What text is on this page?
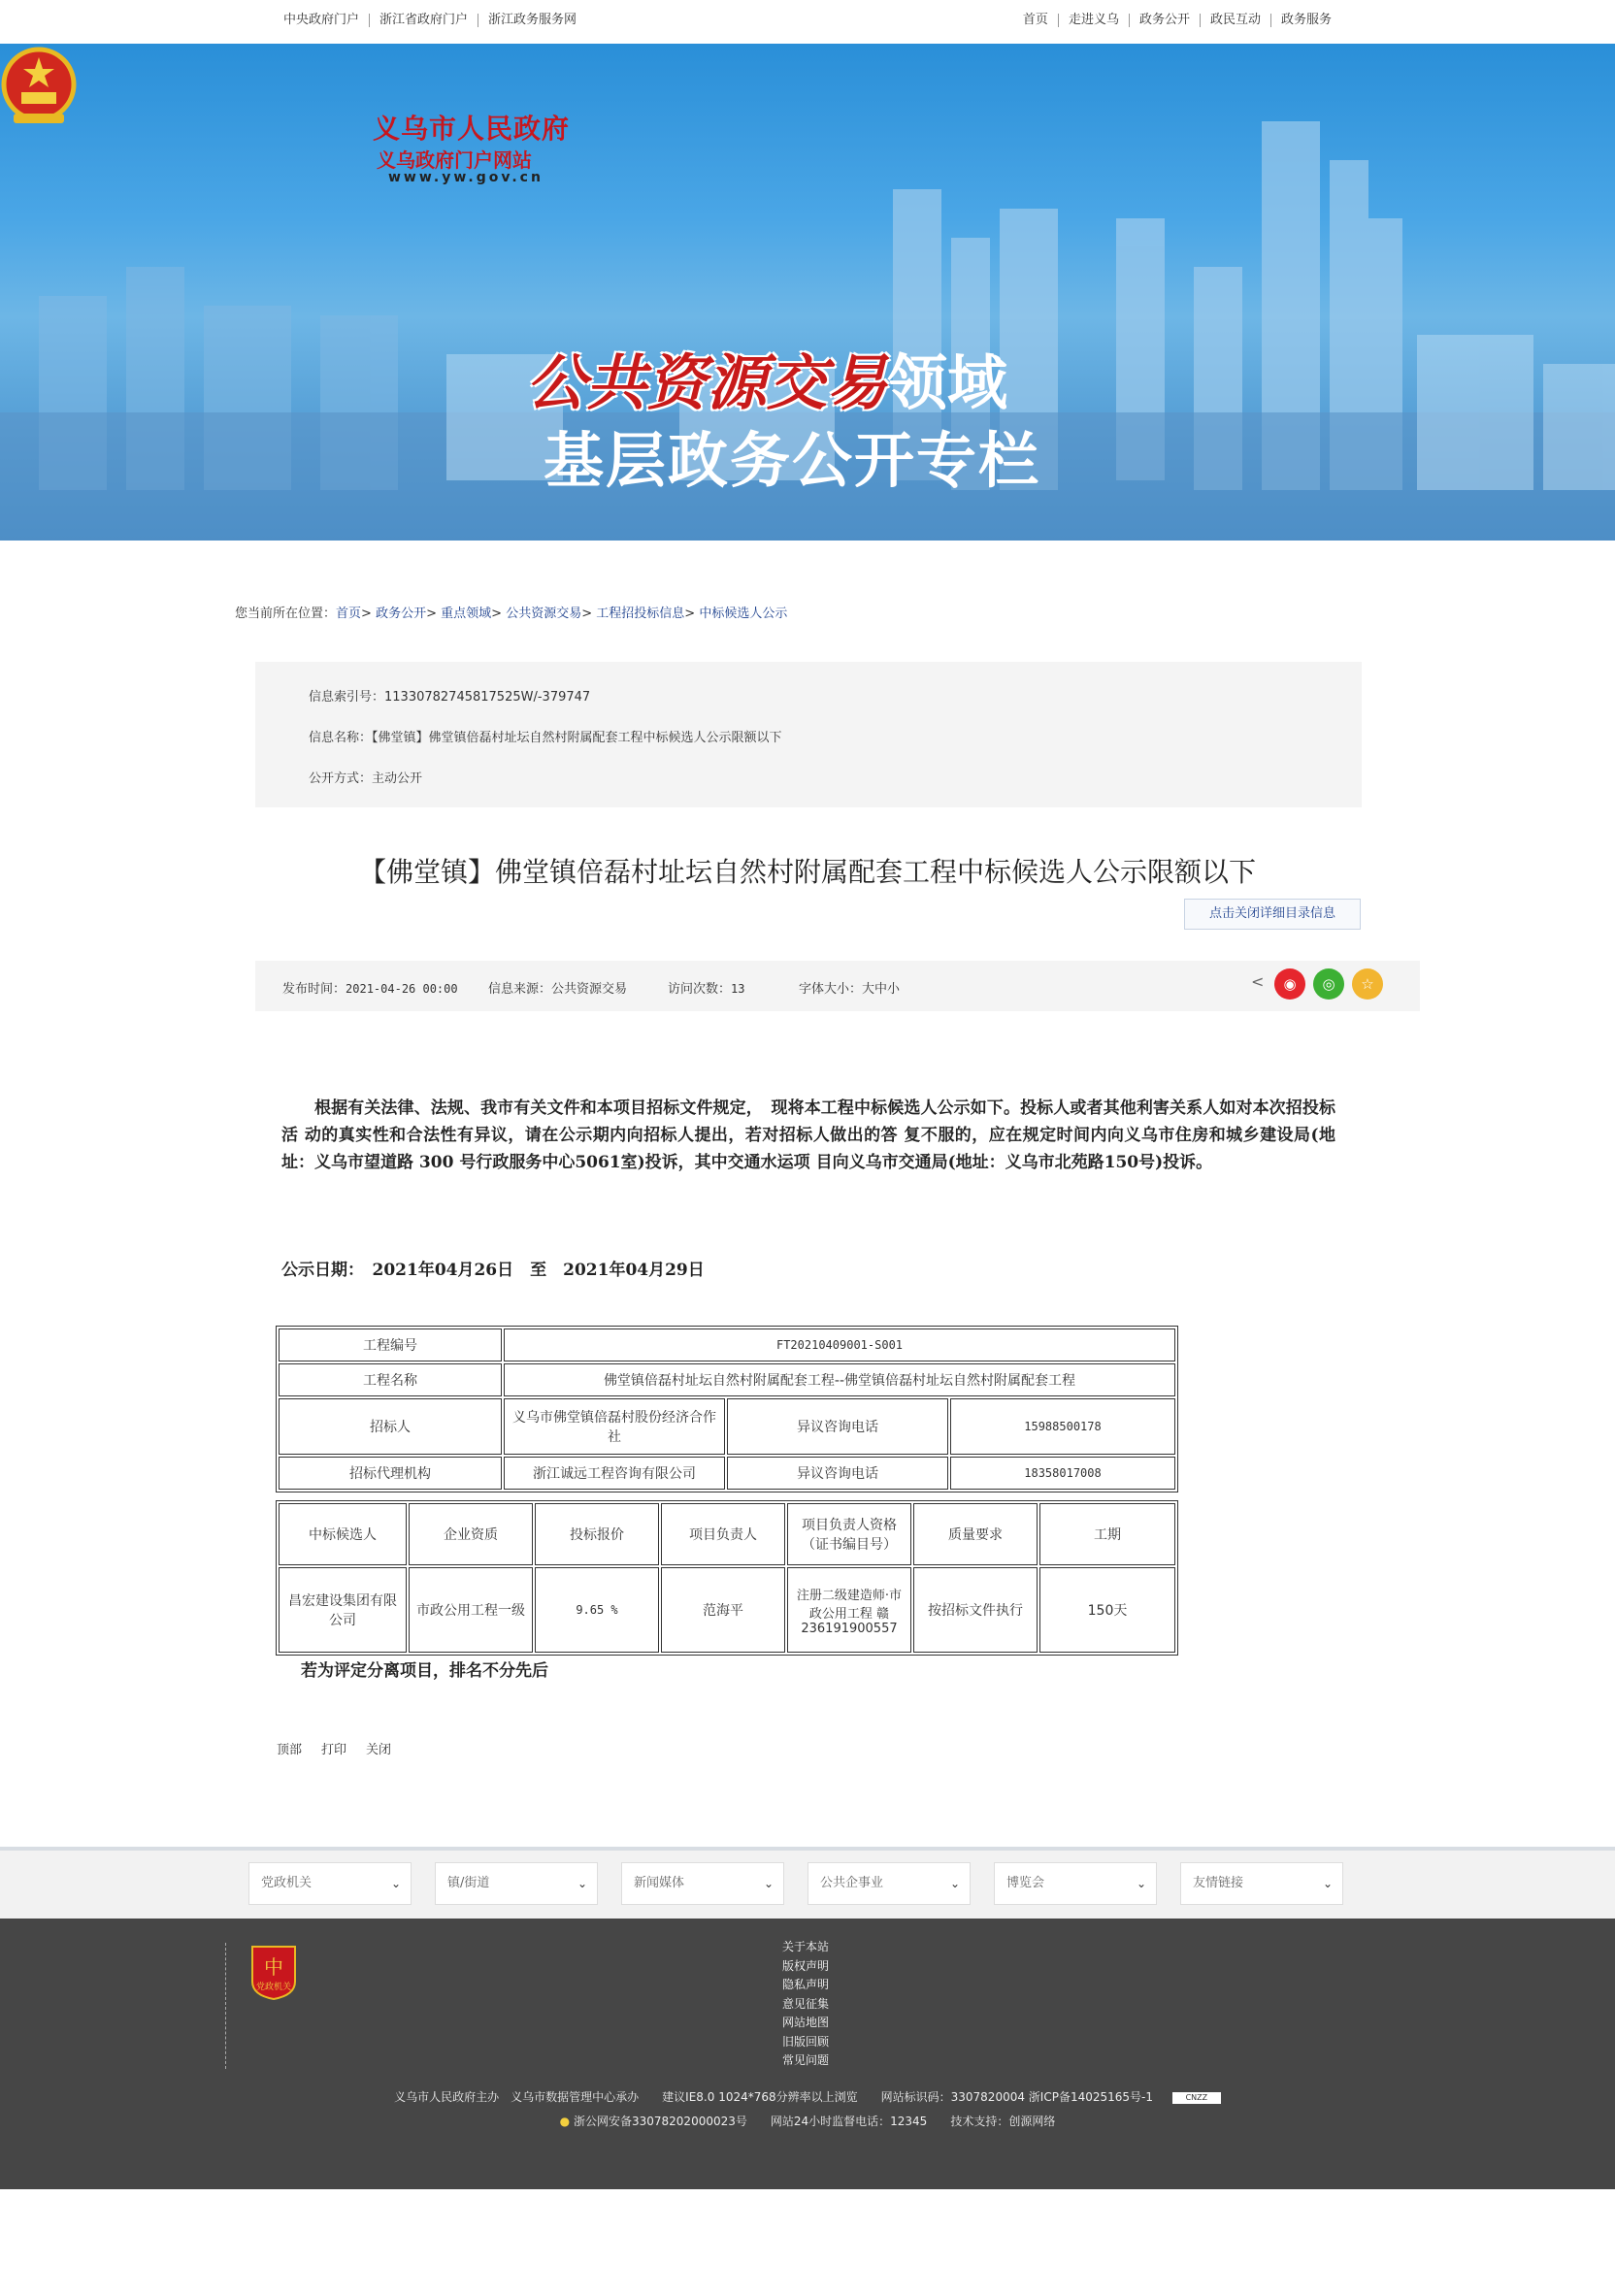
中央政府门户	浙江省政府门户	浙江政务服务网	首页	走进义乌	政务公开	政民互动	政务服务
义乌市人民政府
义乌政府门户网站
www.yw.gov.cn
公共资源交易领域
基层政务公开专栏
您当前所在位置：首页> 政务公开> 重点领域> 公共资源交易> 工程招投标信息> 中标候选人公示
信息索引号：11330782745817525W/-379747
信息名称：【佛堂镇】佛堂镇倍磊村址坛自然村附属配套工程中标候选人公示限额以下
公开方式：主动公开
【佛堂镇】佛堂镇倍磊村址坛自然村附属配套工程中标候选人公示限额以下
点击关闭详细目录信息
发布时间：2021-04-26 00:00 信息来源：公共资源交易	访问次数：13	字体大小：大中小	<	◉	◎	☆
根据有关法律、法规、我市有关文件和本项目招标文件规定，　现将本工程中标候选人公示如下。投标人或者其他利害关系人如对本次招投标活 动的真实性和合法性有异议，请在公示期内向招标人提出，若对招标人做出的答 复不服的，应在规定时间内向义乌市住房和城乡建设局(地址：义乌市望道路 300 号行政服务中心5061室)投诉，其中交通水运项 目向义乌市交通局(地址：义乌市北苑路150号)投诉。
公示日期：　2021年04月26日　至　2021年04月29日
工程编号	FT20210409001-S001		
工程名称	佛堂镇倍磊村址坛自然村附属配套工程--佛堂镇倍磊村址坛自然村附属配套工程		
招标人	义乌市佛堂镇倍磊村股份经济合作社	异议咨询电话	15988500178
招标代理机构	浙江诚远工程咨询有限公司	异议咨询电话	18358017008
中标候选人	企业资质	投标报价	项目负责人	项目负责人资格（证书编目号）	质量要求	工期
昌宏建设集团有限公司	市政公用工程一级	9.65 %	范海平	注册二级建造师·市政公用工程 赣236191900557	按招标文件执行	150天
若为评定分离项目，排名不分先后
顶部 打印 关闭
党政机关	⌄	镇/街道	⌄	新闻媒体	⌄	公共企事业	⌄	博览会	⌄	友情链接	⌄
中
党政机关
关于本站
版权声明
隐私声明
意见征集
网站地图
旧版回顾
常见问题
义乌市人民政府主办　义乌市数据管理中心承办　　建议IE8.0 1024*768分辨率以上浏览　　网站标识码：3307820004 浙ICP备14025165号-1	CNZZ
● 浙公网安备33078202000023号　　网站24小时监督电话：12345　　技术支持：创源网络
